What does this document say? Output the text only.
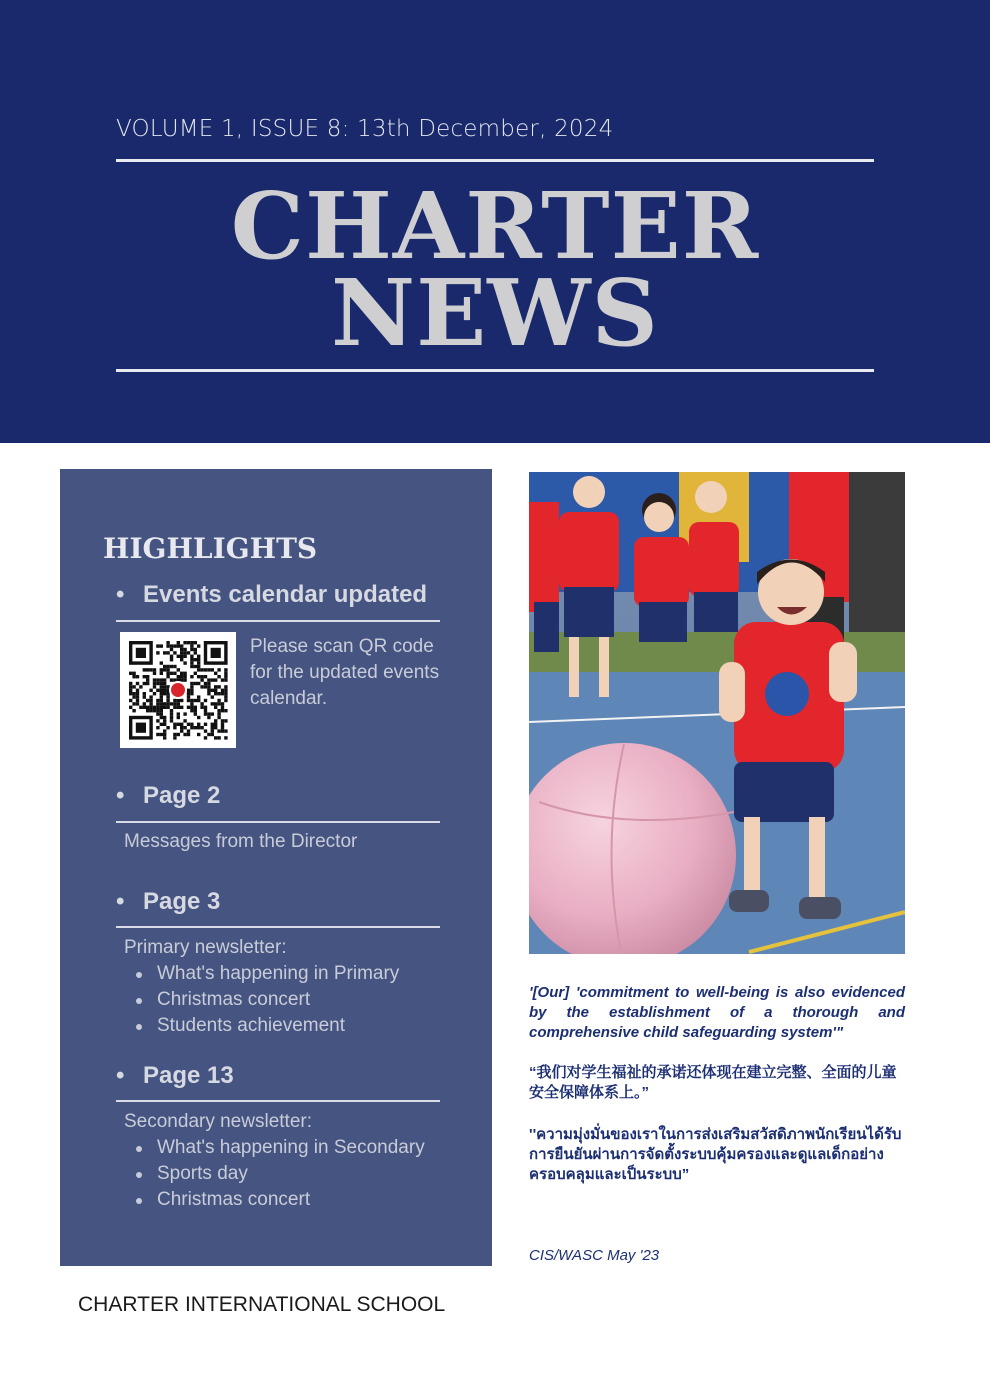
VOLUME 1, ISSUE 8: 13th December, 2024
CHARTER
NEWS
HIGHLIGHTS
• Events calendar updated
Please scan QR code for the updated events calendar.
• Page 2
Messages from the Director
• Page 3
Primary newsletter:
What's happening in Primary
Christmas concert
Students achievement
• Page 13
Secondary newsletter:
What's happening in Secondary
Sports day
Christmas concert
'[Our] 'commitment to well-being is also evidenced by the establishment of a thorough and comprehensive child safeguarding system'"
“我们对学生福祉的承诺还体现在建立完整、全面的儿童安全保障体系上。”
''ความมุ่งมั่นของเราในการส่งเสริมสวัสดิภาพนักเรียนได้รับการยืนยันผ่านการจัดตั้งระบบคุ้มครองและดูแลเด็กอย่างครอบคลุมและเป็นระบบ”
CIS/WASC May '23
CHARTER INTERNATIONAL SCHOOL
